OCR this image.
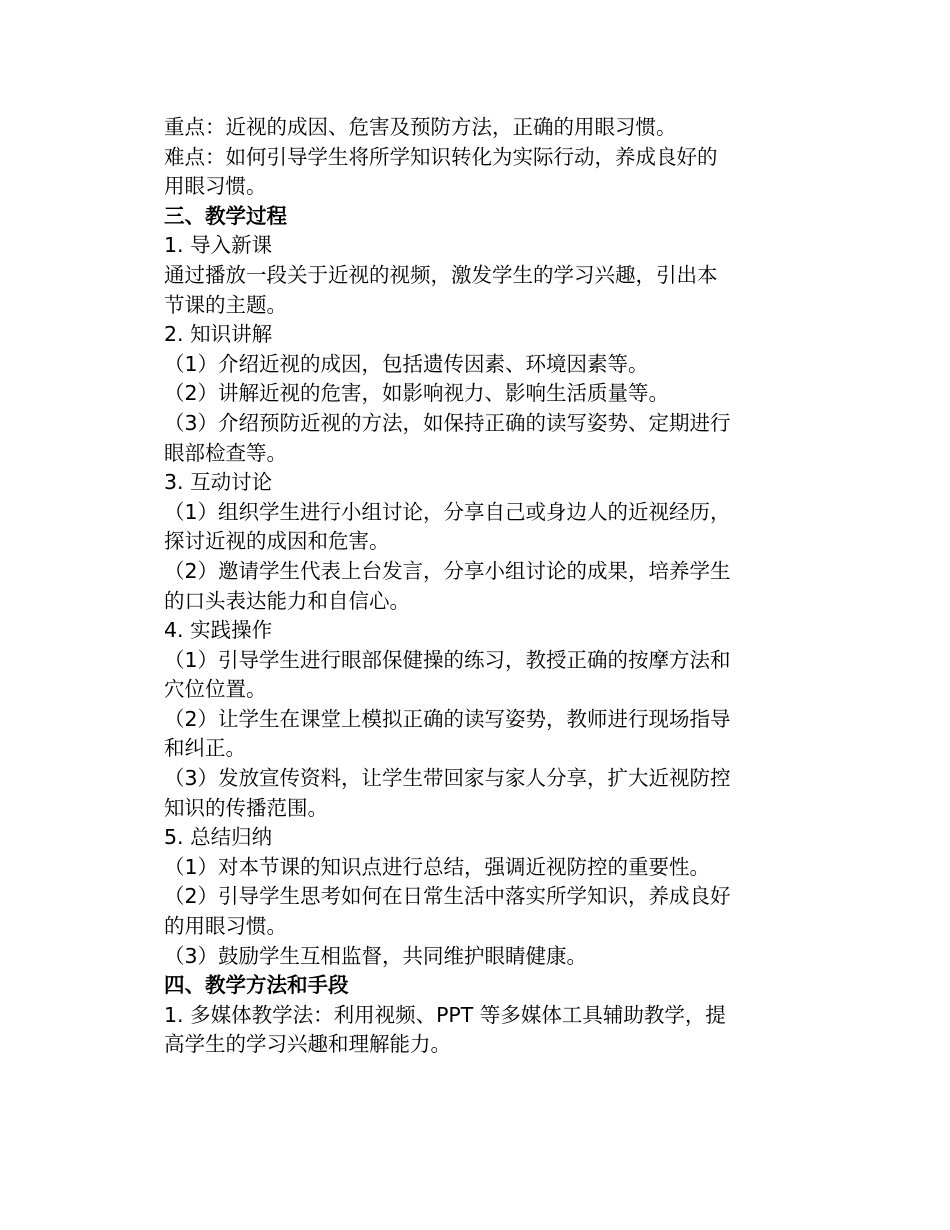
重点：近视的成因、危害及预防方法，正确的用眼习惯。
难点：如何引导学生将所学知识转化为实际行动，养成良好的
用眼习惯。
三、教学过程
1. 导入新课
通过播放一段关于近视的视频，激发学生的学习兴趣，引出本
节课的主题。
2. 知识讲解
（1）介绍近视的成因，包括遗传因素、环境因素等。
（2）讲解近视的危害，如影响视力、影响生活质量等。
（3）介绍预防近视的方法，如保持正确的读写姿势、定期进行
眼部检查等。
3. 互动讨论
（1）组织学生进行小组讨论，分享自己或身边人的近视经历，
探讨近视的成因和危害。
（2）邀请学生代表上台发言，分享小组讨论的成果，培养学生
的口头表达能力和自信心。
4. 实践操作
（1）引导学生进行眼部保健操的练习，教授正确的按摩方法和
穴位位置。
（2）让学生在课堂上模拟正确的读写姿势，教师进行现场指导
和纠正。
（3）发放宣传资料，让学生带回家与家人分享，扩大近视防控
知识的传播范围。
5. 总结归纳
（1）对本节课的知识点进行总结，强调近视防控的重要性。
（2）引导学生思考如何在日常生活中落实所学知识，养成良好
的用眼习惯。
（3）鼓励学生互相监督，共同维护眼睛健康。
四、教学方法和手段
1. 多媒体教学法：利用视频、PPT 等多媒体工具辅助教学，提
高学生的学习兴趣和理解能力。
